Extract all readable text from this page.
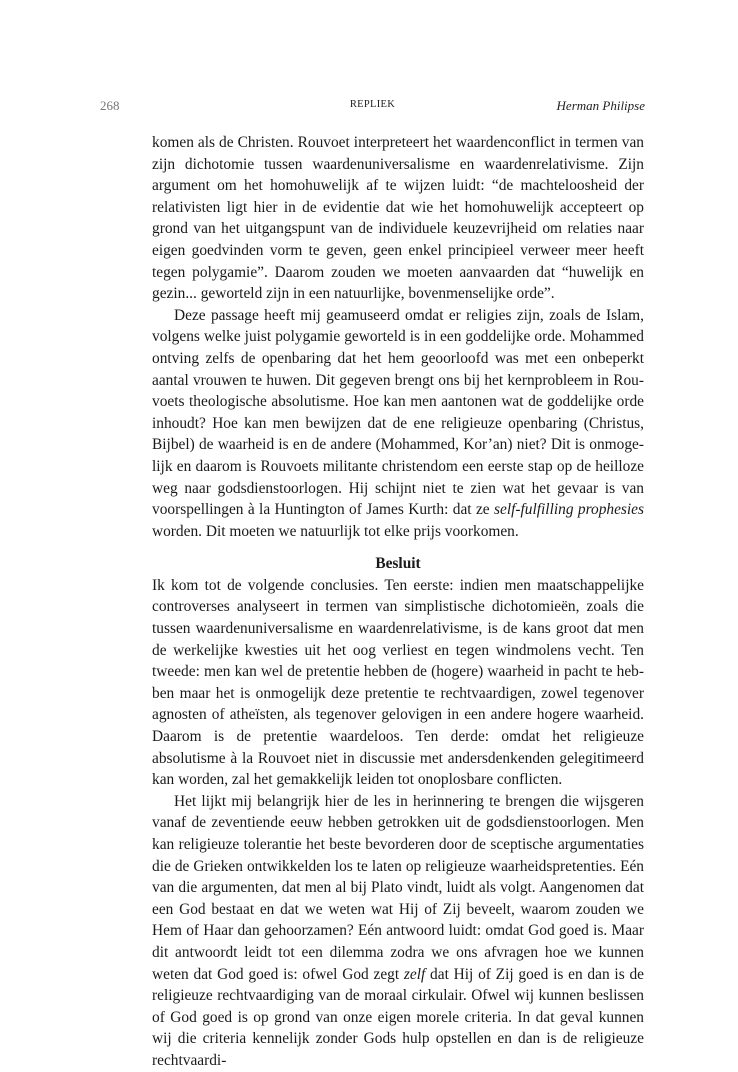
268	REPLIEK	Herman Philipse

komen als de Christen. Rouvoet interpreteert het waardenconflict in termen van zijn dichotomie tussen waardenuniversalisme en waardenrelativisme. Zijn argument om het homohuwelijk af te wijzen luidt: “de machteloosheid der relativisten ligt hier in de evidentie dat wie het homohuwelijk accepteert op grond van het uitgangspunt van de individuele keuzevrijheid om relaties naar eigen goedvinden vorm te geven, geen enkel principieel verweer meer heeft tegen polygamie”. Daarom zouden we moeten aanvaarden dat “huwelijk en gezin... geworteld zijn in een natuurlijke, bovenmenselijke orde”.

Deze passage heeft mij geamuseerd omdat er religies zijn, zoals de Islam, volgens welke juist polygamie geworteld is in een goddelijke orde. Mohammed ontving zelfs de openbaring dat het hem geoorloofd was met een onbeperkt aantal vrouwen te huwen. Dit gegeven brengt ons bij het kernprobleem in Rouvoets theologische absolutisme. Hoe kan men aantonen wat de goddelijke orde inhoudt? Hoe kan men bewijzen dat de ene religieuze openbaring (Christus, Bijbel) de waarheid is en de andere (Mohammed, Kor’an) niet? Dit is onmogelijk en daarom is Rouvoets militante christendom een eerste stap op de heilloze weg naar godsdienstoorlogen. Hij schijnt niet te zien wat het gevaar is van voorspellingen à la Huntington of James Kurth: dat ze self-fulfilling prophesies worden. Dit moeten we natuurlijk tot elke prijs voorkomen.

Besluit

Ik kom tot de volgende conclusies. Ten eerste: indien men maatschappelijke controverses analyseert in termen van simplistische dichotomieën, zoals die tussen waardenuniversalisme en waardenrelativisme, is de kans groot dat men de werkelijke kwesties uit het oog verliest en tegen windmolens vecht. Ten tweede: men kan wel de pretentie hebben de (hogere) waarheid in pacht te hebben maar het is onmogelijk deze pretentie te rechtvaardigen, zowel tegenover agnosten of atheïsten, als tegenover gelovigen in een andere hogere waarheid. Daarom is de pretentie waardeloos. Ten derde: omdat het religieuze absolutisme à la Rouvoet niet in discussie met andersdenkenden gelegitimeerd kan worden, zal het gemakkelijk leiden tot onoplosbare conflicten.

Het lijkt mij belangrijk hier de les in herinnering te brengen die wijsgeren vanaf de zeventiende eeuw hebben getrokken uit de godsdienstoorlogen. Men kan religieuze tolerantie het beste bevorderen door de sceptische argumentaties die de Grieken ontwikkelden los te laten op religieuze waarheidspretenties. Eén van die argumenten, dat men al bij Plato vindt, luidt als volgt. Aangenomen dat een God bestaat en dat we weten wat Hij of Zij beveelt, waarom zouden we Hem of Haar dan gehoorzamen? Eén antwoord luidt: omdat God goed is. Maar dit antwoordt leidt tot een dilemma zodra we ons afvragen hoe we kunnen weten dat God goed is: ofwel God zegt zelf dat Hij of Zij goed is en dan is de religieuze rechtvaardiging van de moraal cirkulair. Ofwel wij kunnen beslissen of God goed is op grond van onze eigen morele criteria. In dat geval kunnen wij die criteria kennelijk zonder Gods hulp opstellen en dan is de religieuze rechtvaardi-
